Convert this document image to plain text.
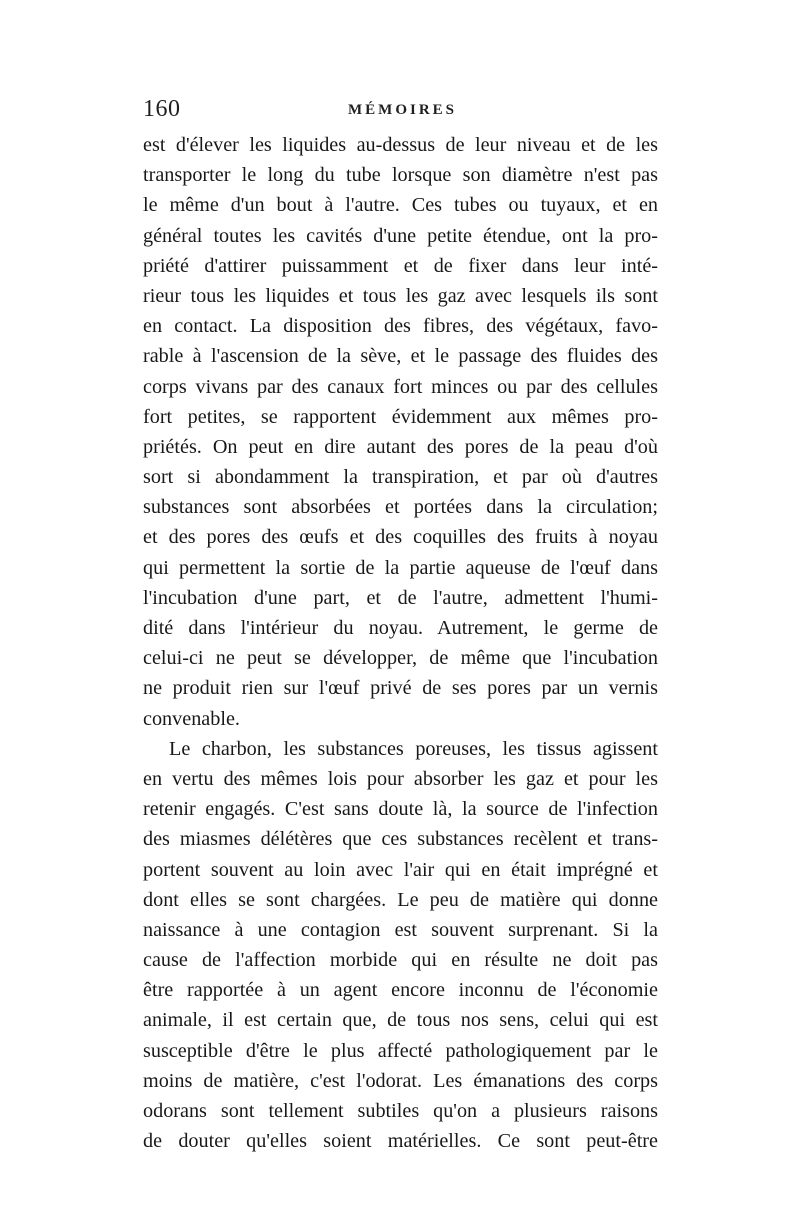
160	MÉMOIRES
est d'élever les liquides au-dessus de leur niveau et de les
transporter le long du tube lorsque son diamètre n'est pas
le même d'un bout à l'autre. Ces tubes ou tuyaux, et en
général toutes les cavités d'une petite étendue, ont la pro-
priété d'attirer puissamment et de fixer dans leur inté-
rieur tous les liquides et tous les gaz avec lesquels ils sont
en contact. La disposition des fibres, des végétaux, favo-
rable à l'ascension de la sève, et le passage des fluides des
corps vivans par des canaux fort minces ou par des cellules
fort petites, se rapportent évidemment aux mêmes pro-
priétés. On peut en dire autant des pores de la peau d'où
sort si abondamment la transpiration, et par où d'autres
substances sont absorbées et portées dans la circulation;
et des pores des œufs et des coquilles des fruits à noyau
qui permettent la sortie de la partie aqueuse de l'œuf dans
l'incubation d'une part, et de l'autre, admettent l'humi-
dité dans l'intérieur du noyau. Autrement, le germe de
celui-ci ne peut se développer, de même que l'incubation
ne produit rien sur l'œuf privé de ses pores par un vernis
convenable.
Le charbon, les substances poreuses, les tissus agissent
en vertu des mêmes lois pour absorber les gaz et pour les
retenir engagés. C'est sans doute là, la source de l'infection
des miasmes délétères que ces substances recèlent et trans-
portent souvent au loin avec l'air qui en était imprégné et
dont elles se sont chargées. Le peu de matière qui donne
naissance à une contagion est souvent surprenant. Si la
cause de l'affection morbide qui en résulte ne doit pas
être rapportée à un agent encore inconnu de l'économie
animale, il est certain que, de tous nos sens, celui qui est
susceptible d'être le plus affecté pathologiquement par le
moins de matière, c'est l'odorat. Les émanations des corps
odorans sont tellement subtiles qu'on a plusieurs raisons
de douter qu'elles soient matérielles. Ce sont peut-être
